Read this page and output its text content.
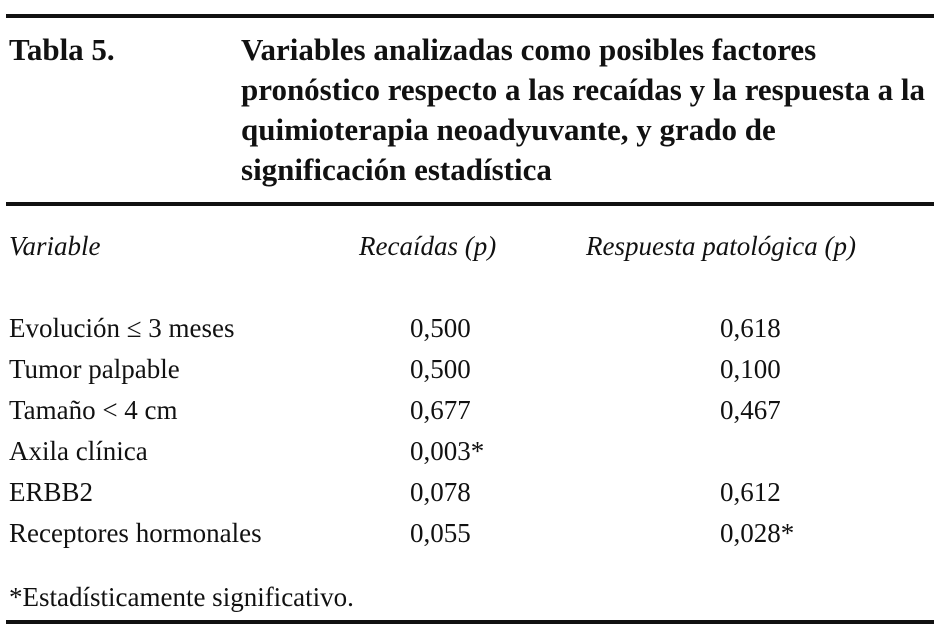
Tabla 5.	Variables analizadas como posibles factores pronóstico respecto a las recaídas y la respuesta a la quimioterapia neoadyuvante, y grado de significación estadística
Variable	Recaídas (p)	Respuesta patológica (p)
Evolución ≤ 3 meses	0,500	0,618
Tumor palpable	0,500	0,100
Tamaño < 4 cm	0,677	0,467
Axila clínica	0,003*
ERBB2	0,078	0,612
Receptores hormonales	0,055	0,028*
*Estadísticamente significativo.
